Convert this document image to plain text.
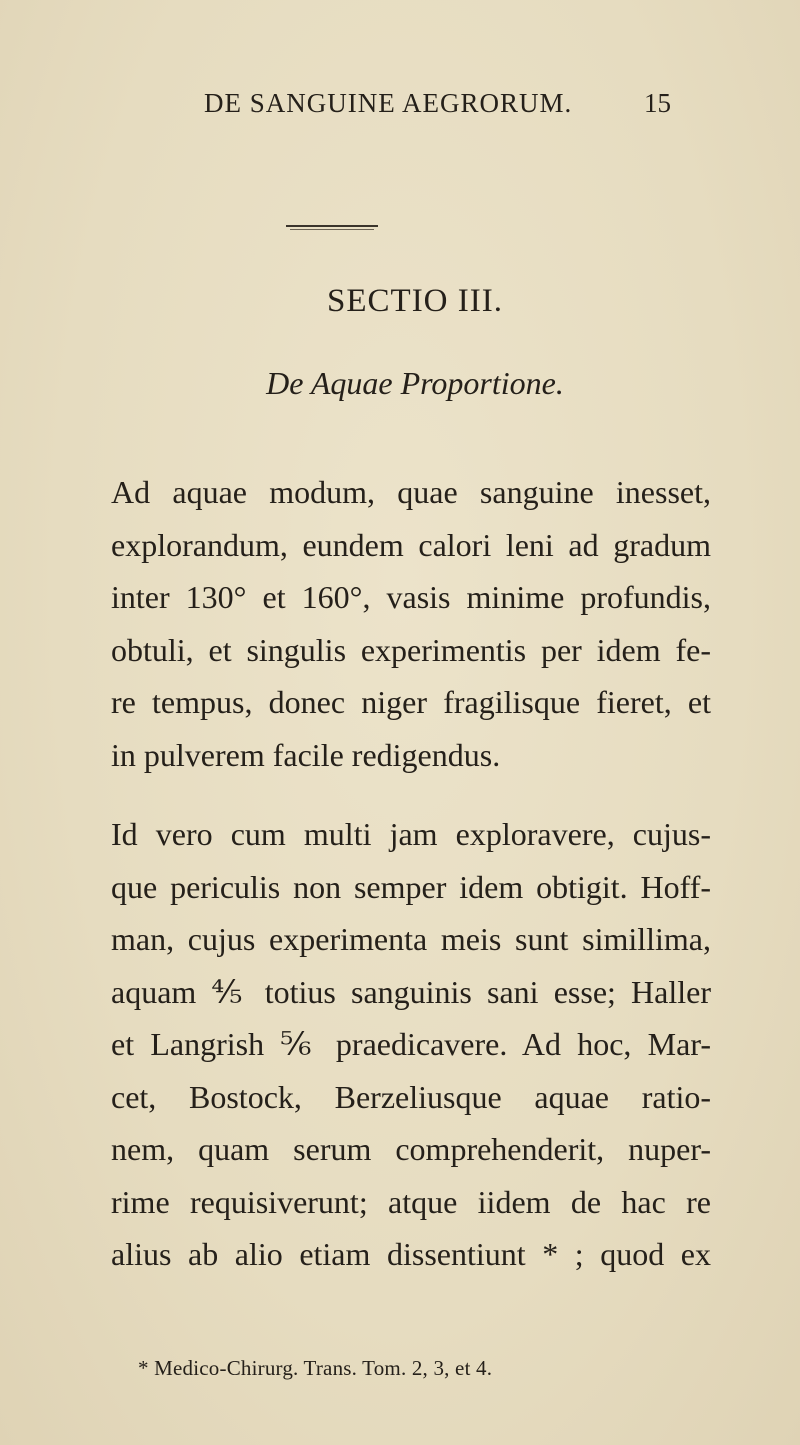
DE SANGUINE AEGRORUM.	15
SECTIO III.
De Aquae Proportione.
Ad aquae modum, quae sanguine inesset,
explorandum, eundem calori leni ad gradum
inter 130° et 160°, vasis minime profundis,
obtuli, et singulis experimentis per idem fe-
re tempus, donec niger fragilisque fieret, et
in pulverem facile redigendus.
Id vero cum multi jam exploravere, cujus-
que periculis non semper idem obtigit. Hoff-
man, cujus experimenta meis sunt simillima,
aquam ⅘ totius sanguinis sani esse; Haller
et Langrish ⅚ praedicavere. Ad hoc, Mar-
cet, Bostock, Berzeliusque aquae ratio-
nem, quam serum comprehenderit, nuper-
rime requisiverunt; atque iidem de hac re
alius ab alio etiam dissentiunt * ; quod ex
* Medico-Chirurg. Trans. Tom. 2, 3, et 4.
